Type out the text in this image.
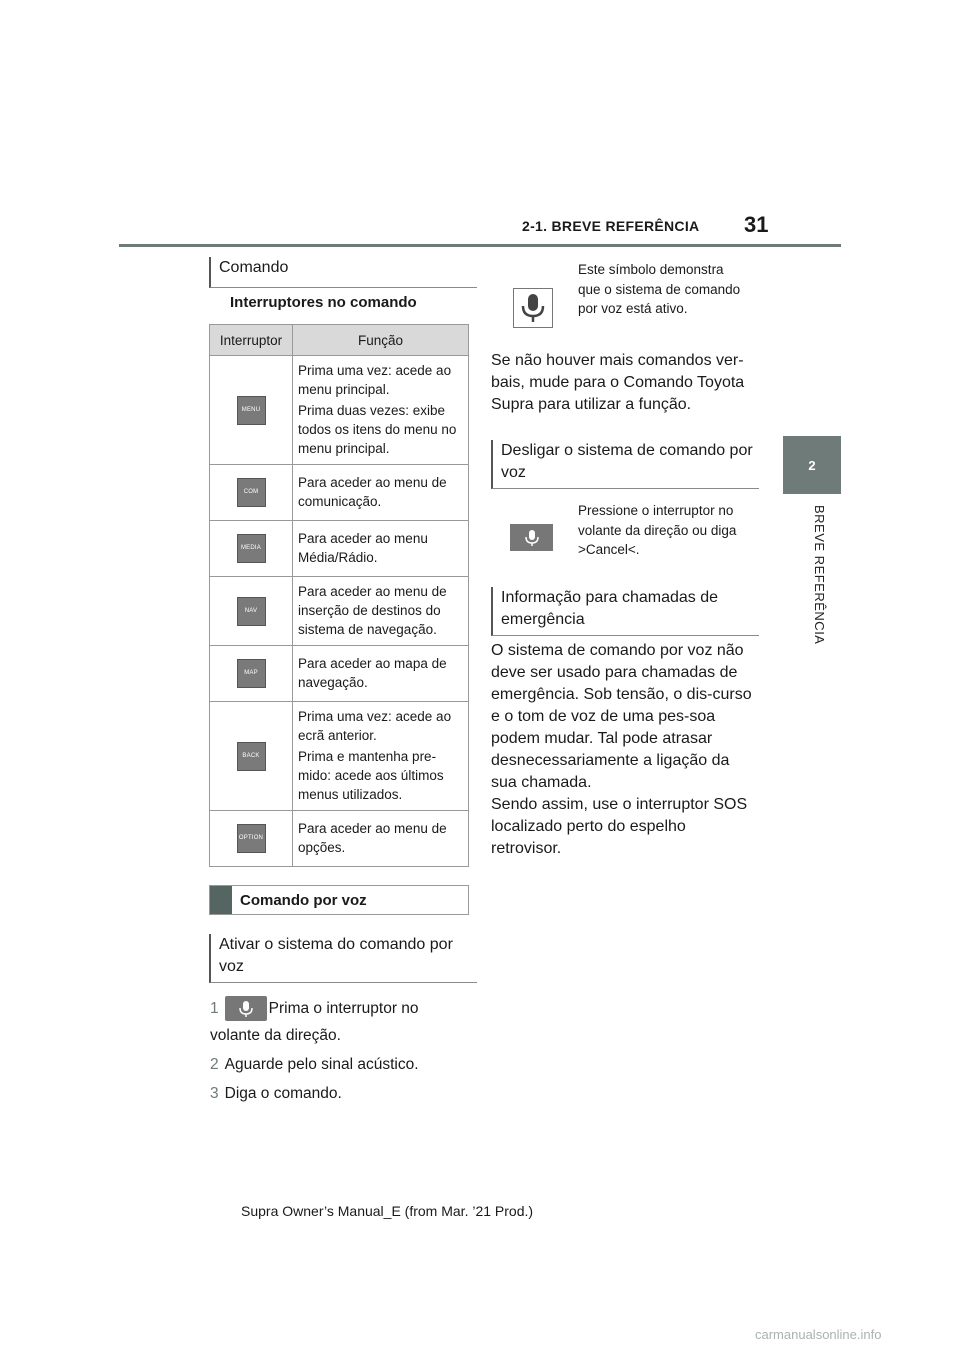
2-1. BREVE REFERÊNCIA 31
2
BREVE REFERÊNCIA
Comando
Interruptores no comando
Interruptor	Função
MENU	Prima uma vez: acede ao menu principal.

Prima duas vezes: exibe todos os itens do menu no menu principal.

COM	Para aceder ao menu de comunicação.

MEDIA	Para aceder ao menu Média/Rádio.

NAV	Para aceder ao menu de inserção de destinos do sistema de navegação.

MAP	Para aceder ao mapa de navegação.

BACK	Prima uma vez: acede ao ecrã anterior.

Prima e mantenha pre-mido: acede aos últimos menus utilizados.

OPTION	Para aceder ao menu de opções.

Comando por voz
Ativar o sistema do comando por voz
1	Prima o interruptor no volante da direção.
2 Aguarde pelo sinal acústico.
3 Diga o comando.
Este símbolo demonstra que o sistema de comando por voz está ativo.
Se não houver mais comandos ver-bais, mude para o Comando Toyota Supra para utilizar a função.
Desligar o sistema de comando por voz
Pressione o interruptor no volante da direção ou diga >Cancel<.
Informação para chamadas de emergência
O sistema de comando por voz não deve ser usado para chamadas de emergência. Sob tensão, o dis-curso e o tom de voz de uma pes-soa podem mudar. Tal pode atrasar desnecessariamente a ligação da sua chamada.
Sendo assim, use o interruptor SOS localizado perto do espelho retrovisor.
Supra Owner’s Manual_E (from Mar. ’21 Prod.)
carmanualsonline.info
